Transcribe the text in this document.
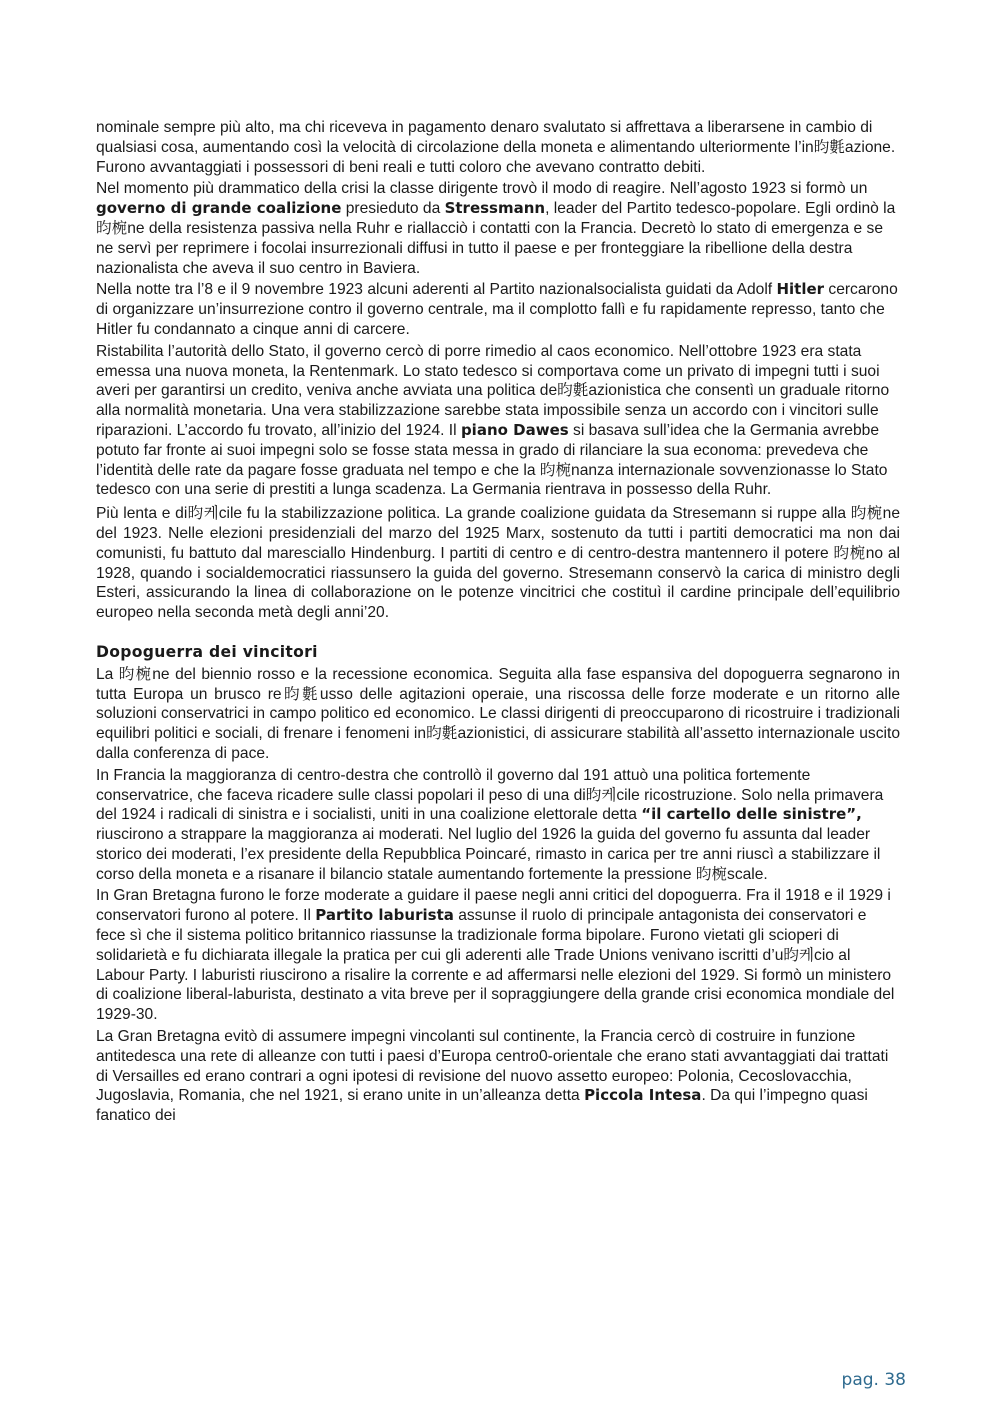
nominale sempre più alto, ma chi riceveva in pagamento denaro svalutato si affrettava a liberarsene in cambio di qualsiasi cosa, aumentando così la velocità di circolazione della moneta e alimentando ulteriormente l’in昀氀azione. Furono avvantaggiati i possessori di beni reali e tutti coloro che avevano contratto debiti.

Nel momento più drammatico della crisi la classe dirigente trovò il modo di reagire. Nell’agosto 1923 si formò un governo di grande coalizione presieduto da Stressmann, leader del Partito tedesco-popolare. Egli ordinò la 昀椀ne della resistenza passiva nella Ruhr e riallacciò i contatti con la Francia. Decretò lo stato di emergenza e se ne servì per reprimere i focolai insurrezionali diffusi in tutto il paese e per fronteggiare la ribellione della destra nazionalista che aveva il suo centro in Baviera.

Nella notte tra l’8 e il 9 novembre 1923 alcuni aderenti al Partito nazionalsocialista guidati da Adolf Hitler cercarono di organizzare un’insurrezione contro il governo centrale, ma il complotto fallì e fu rapidamente represso, tanto che Hitler fu condannato a cinque anni di carcere.

Ristabilita l’autorità dello Stato, il governo cercò di porre rimedio al caos economico. Nell’ottobre 1923 era stata emessa una nuova moneta, la Rentenmark. Lo stato tedesco si comportava come un privato di impegni tutti i suoi averi per garantirsi un credito, veniva anche avviata una politica de昀氀azionistica che consentì un graduale ritorno alla normalità monetaria. Una vera stabilizzazione sarebbe stata impossibile senza un accordo con i vincitori sulle riparazioni. L’accordo fu trovato, all’inizio del 1924. Il piano Dawes si basava sull’idea che la Germania avrebbe potuto far fronte ai suoi impegni solo se fosse stata messa in grado di rilanciare la sua economa: prevedeva che l’identità delle rate da pagare fosse graduata nel tempo e che la 昀椀nanza internazionale sovvenzionasse lo Stato tedesco con una serie di prestiti a lunga scadenza. La Germania rientrava in possesso della Ruhr.

Più lenta e di昀케cile fu la stabilizzazione politica. La grande coalizione guidata da Stresemann si ruppe alla 昀椀ne del 1923. Nelle elezioni presidenziali del marzo del 1925 Marx, sostenuto da tutti i partiti democratici ma non dai comunisti, fu battuto dal maresciallo Hindenburg. I partiti di centro e di centro-destra mantennero il potere 昀椀no al 1928, quando i socialdemocratici riassunsero la guida del governo. Stresemann conservò la carica di ministro degli Esteri, assicurando la linea di collaborazione on le potenze vincitrici che costituì il cardine principale dell’equilibrio europeo nella seconda metà degli anni’20.

Dopoguerra dei vincitori

La 昀椀ne del biennio rosso e la recessione economica. Seguita alla fase espansiva del dopoguerra segnarono in tutta Europa un brusco re昀氀usso delle agitazioni operaie, una riscossa delle forze moderate e un ritorno alle soluzioni conservatrici in campo politico ed economico. Le classi dirigenti di preoccuparono di ricostruire i tradizionali equilibri politici e sociali, di frenare i fenomeni in昀氀azionistici, di assicurare stabilità all’assetto internazionale uscito dalla conferenza di pace.

In Francia la maggioranza di centro-destra che controllò il governo dal 191 attuò una politica fortemente conservatrice, che faceva ricadere sulle classi popolari il peso di una di昀케cile ricostruzione. Solo nella primavera del 1924 i radicali di sinistra e i socialisti, uniti in una coalizione elettorale detta “il cartello delle sinistre”, riuscirono a strappare la maggioranza ai moderati. Nel luglio del 1926 la guida del governo fu assunta dal leader storico dei moderati, l’ex presidente della Repubblica Poincaré, rimasto in carica per tre anni riuscì a stabilizzare il corso della moneta e a risanare il bilancio statale aumentando fortemente la pressione 昀椀scale.

In Gran Bretagna furono le forze moderate a guidare il paese negli anni critici del dopoguerra. Fra il 1918 e il 1929 i conservatori furono al potere. Il Partito laburista assunse il ruolo di principale antagonista dei conservatori e fece sì che il sistema politico britannico riassunse la tradizionale forma bipolare. Furono vietati gli scioperi di solidarietà e fu dichiarata illegale la pratica per cui gli aderenti alle Trade Unions venivano iscritti d’u昀케cio al Labour Party. I laburisti riuscirono a risalire la corrente e ad affermarsi nelle elezioni del 1929. Si formò un ministero di coalizione liberal-laburista, destinato a vita breve per il sopraggiungere della grande crisi economica mondiale del 1929-30.

La Gran Bretagna evitò di assumere impegni vincolanti sul continente, la Francia cercò di costruire in funzione antitedesca una rete di alleanze con tutti i paesi d’Europa centro0-orientale che erano stati avvantaggiati dai trattati di Versailles ed erano contrari a ogni ipotesi di revisione del nuovo assetto europeo: Polonia, Cecoslovacchia, Jugoslavia, Romania, che nel 1921, si erano unite in un’alleanza detta Piccola Intesa. Da qui l’impegno quasi fanatico dei

pag. 38
